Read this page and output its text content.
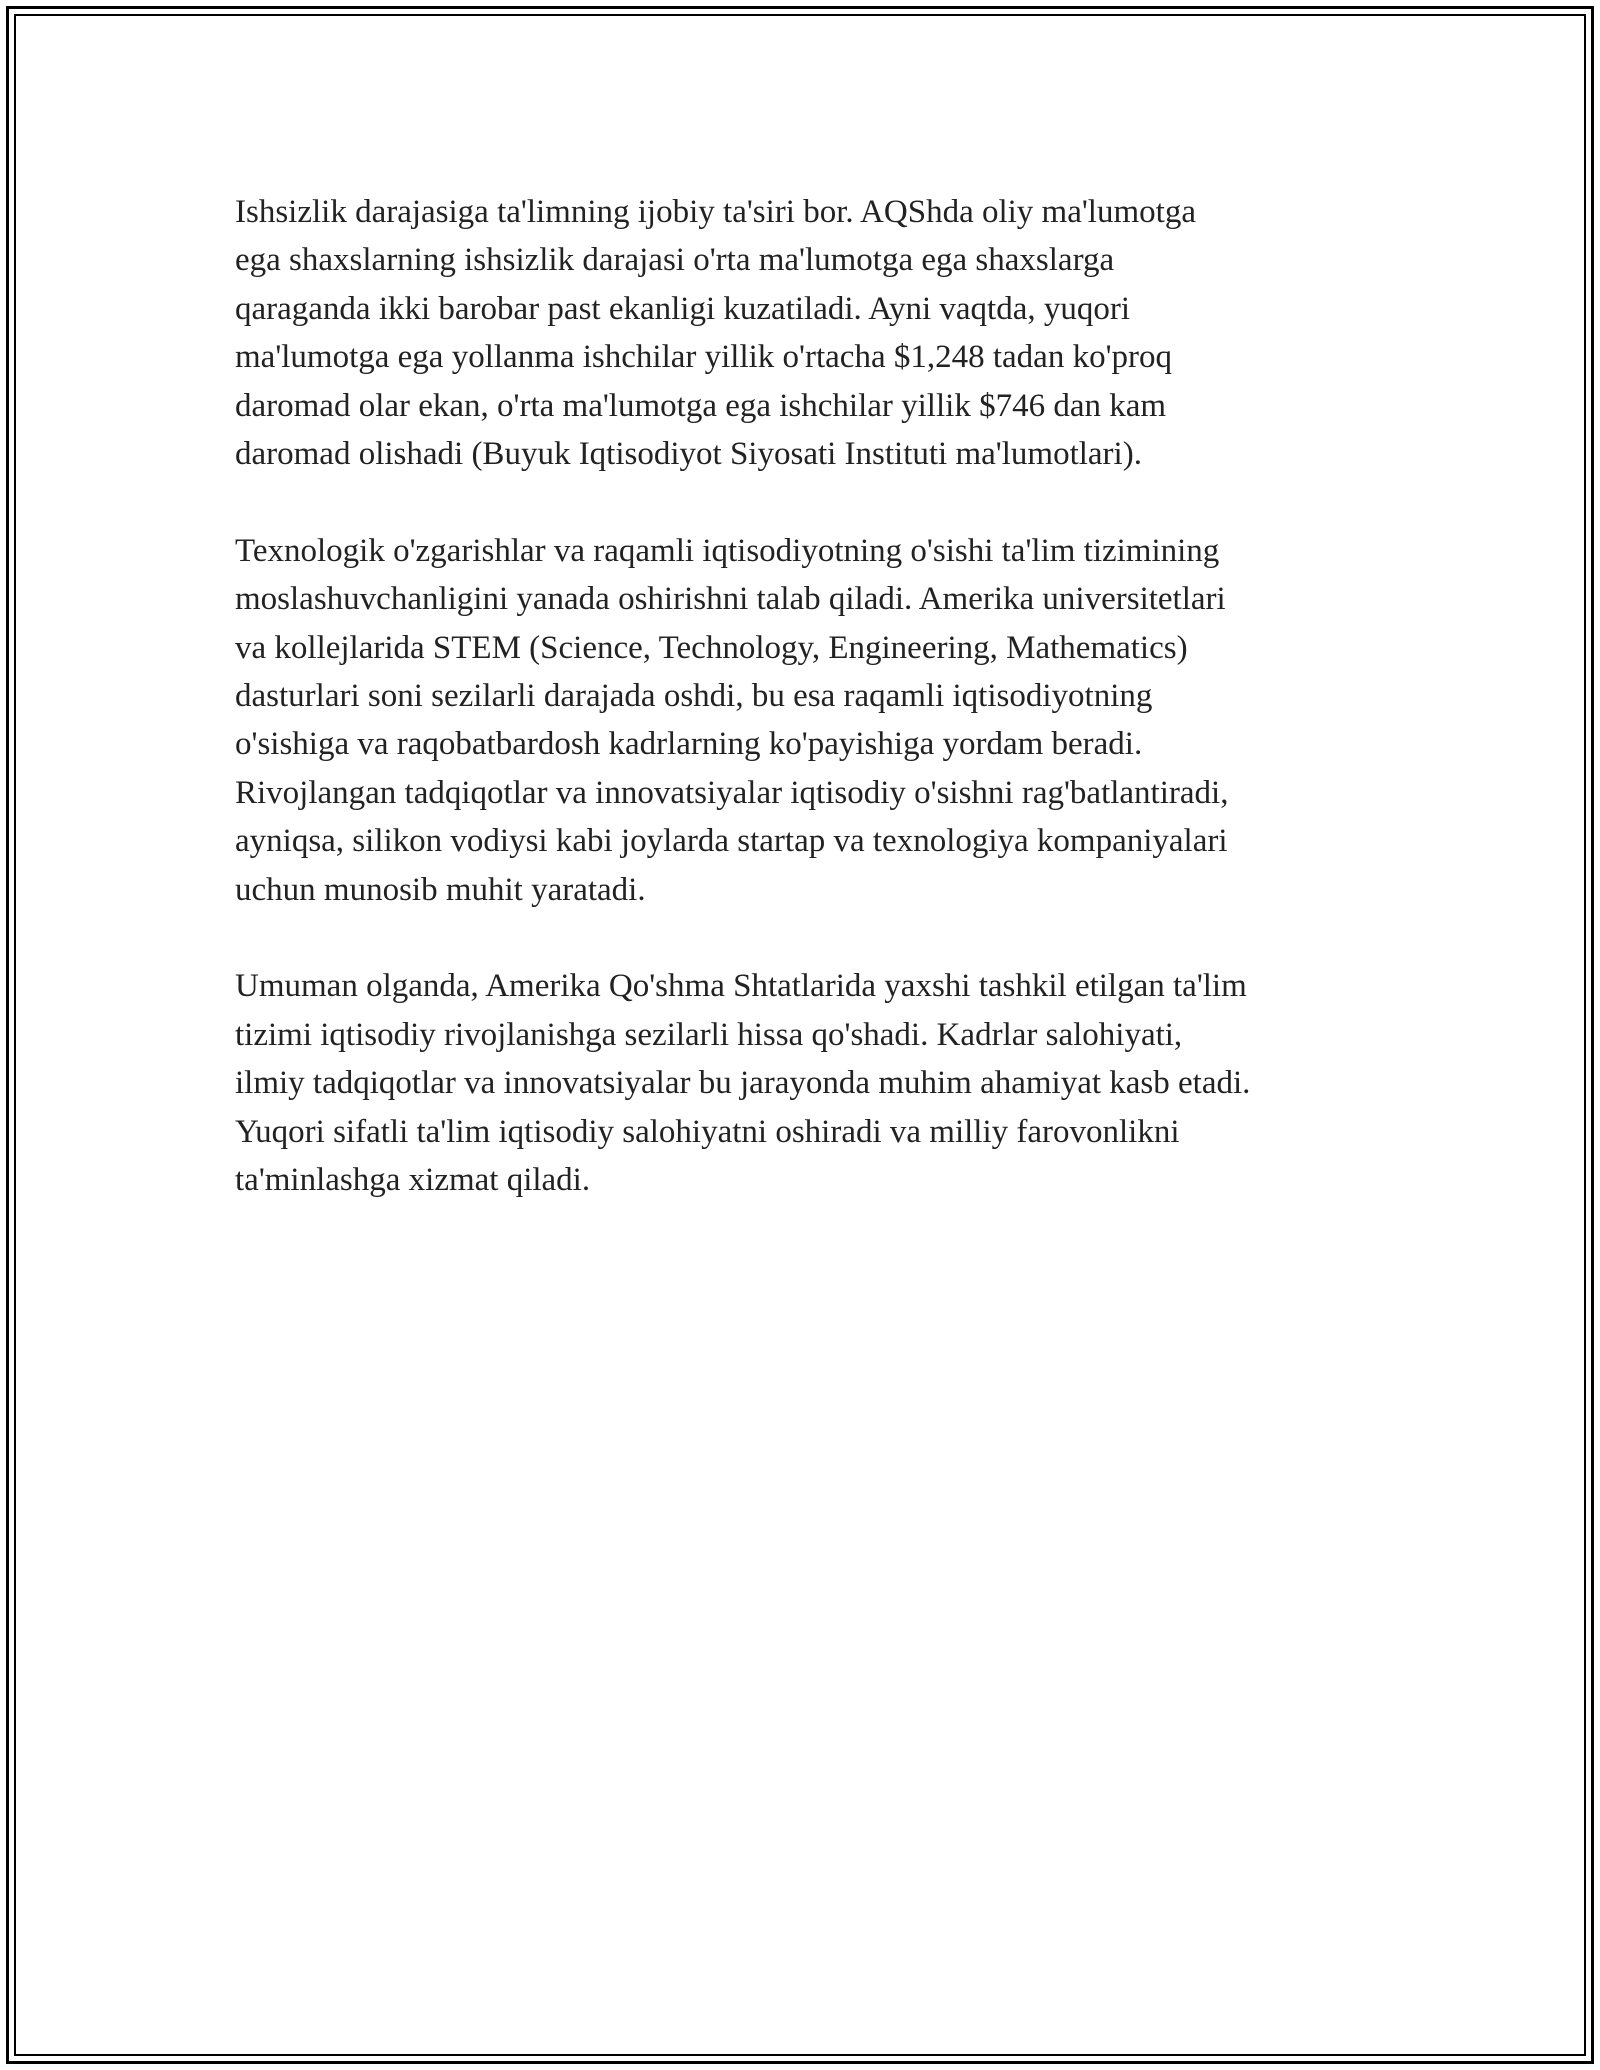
Ishsizlik darajasiga ta'limning ijobiy ta'siri bor. AQShda oliy ma'lumotga
ega shaxslarning ishsizlik darajasi o'rta ma'lumotga ega shaxslarga
qaraganda ikki barobar past ekanligi kuzatiladi. Ayni vaqtda, yuqori
ma'lumotga ega yollanma ishchilar yillik o'rtacha $1,248 tadan ko'proq
daromad olar ekan, o'rta ma'lumotga ega ishchilar yillik $746 dan kam
daromad olishadi (Buyuk Iqtisodiyot Siyosati Instituti ma'lumotlari).

Texnologik o'zgarishlar va raqamli iqtisodiyotning o'sishi ta'lim tizimining
moslashuvchanligini yanada oshirishni talab qiladi. Amerika universitetlari
va kollejlarida STEM (Science, Technology, Engineering, Mathematics)
dasturlari soni sezilarli darajada oshdi, bu esa raqamli iqtisodiyotning
o'sishiga va raqobatbardosh kadrlarning ko'payishiga yordam beradi.
Rivojlangan tadqiqotlar va innovatsiyalar iqtisodiy o'sishni rag'batlantiradi,
ayniqsa, silikon vodiysi kabi joylarda startap va texnologiya kompaniyalari
uchun munosib muhit yaratadi.

Umuman olganda, Amerika Qo'shma Shtatlarida yaxshi tashkil etilgan ta'lim
tizimi iqtisodiy rivojlanishga sezilarli hissa qo'shadi. Kadrlar salohiyati,
ilmiy tadqiqotlar va innovatsiyalar bu jarayonda muhim ahamiyat kasb etadi.
Yuqori sifatli ta'lim iqtisodiy salohiyatni oshiradi va milliy farovonlikni
ta'minlashga xizmat qiladi.
